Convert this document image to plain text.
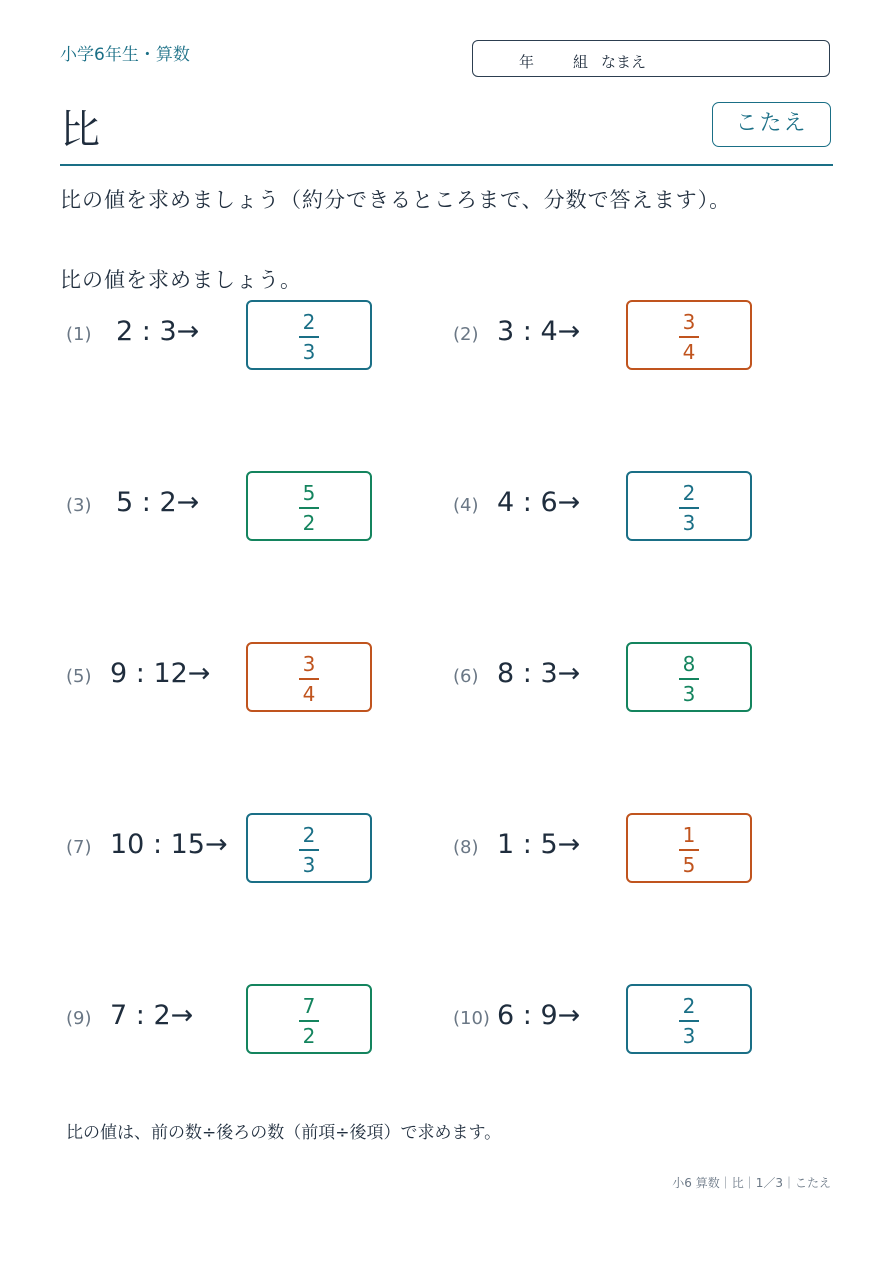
小学6年生・算数	年	組 なまえ
比	こたえ
比の値を求めましょう（約分できるところまで、分数で答えます）。
比の値を求めましょう。
(1) 2 : 3→	2
3
(2) 3 : 4→	3
4
(3) 5 : 2→	5
2
(4) 4 : 6→	2
3
(5) 9 : 12→	3
4
(6) 8 : 3→	8
3
(7) 10 : 15→	2
3
(8) 1 : 5→	1
5
(9) 7 : 2→	7
2
(10) 6 : 9→	2
3
比の値は、前の数÷後ろの数（前項÷後項）で求めます。
小6 算数｜比｜1／3｜こたえ
